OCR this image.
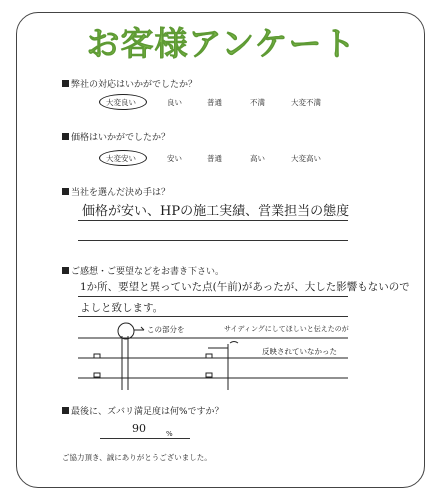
お客様アンケート
弊社の対応はいかがでしたか？
大変良い	良い	普通	不満	大変不満
価格はいかがでしたか？
大変安い	安い	普通	高い	大変高い
当社を選んだ決め手は？
価格が安い、HPの施工実績、営業担当の態度
ご感想・ご要望などをお書き下さい。
1か所、要望と異っていた点(午前)があったが、大した影響もないので
よしと致します。
この部分を	サイディングにしてほしいと伝えたのが
反映されていなかった
最後に、ズバリ満足度は何%ですか？
90	%
ご協力頂き、誠にありがとうございました。
